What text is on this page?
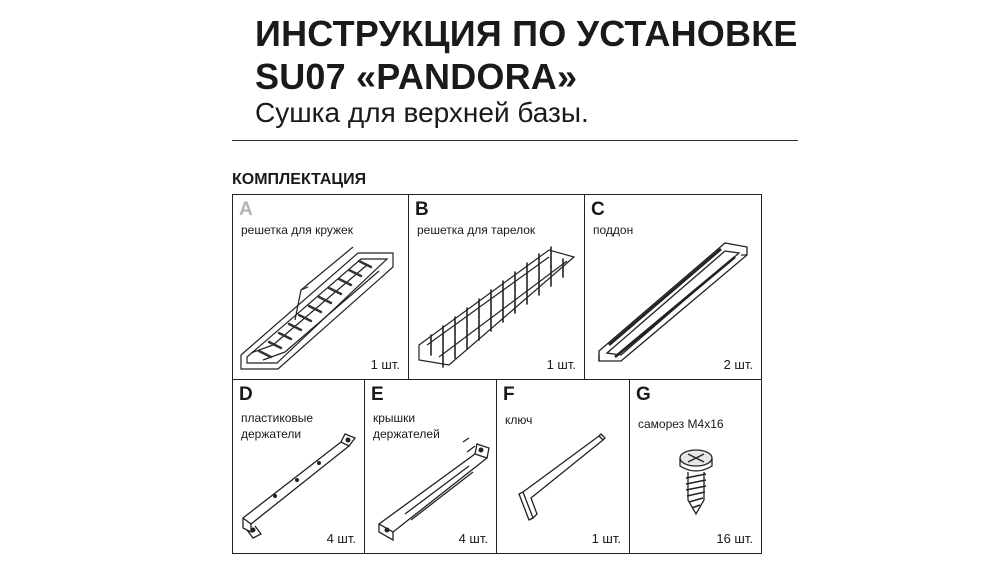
ИНСТРУКЦИЯ ПО УСТАНОВКЕ
SU07 «PANDORA»
Сушка для верхней базы.
КОМПЛЕКТАЦИЯ
A
решетка для кружек
1 шт.
B
решетка для тарелок
1 шт.
C
поддон
2 шт.
D
пластиковые
держатели
4 шт.
E
крышки
держателей
4 шт.
F
ключ
1 шт.
G
саморез М4х16
16 шт.
